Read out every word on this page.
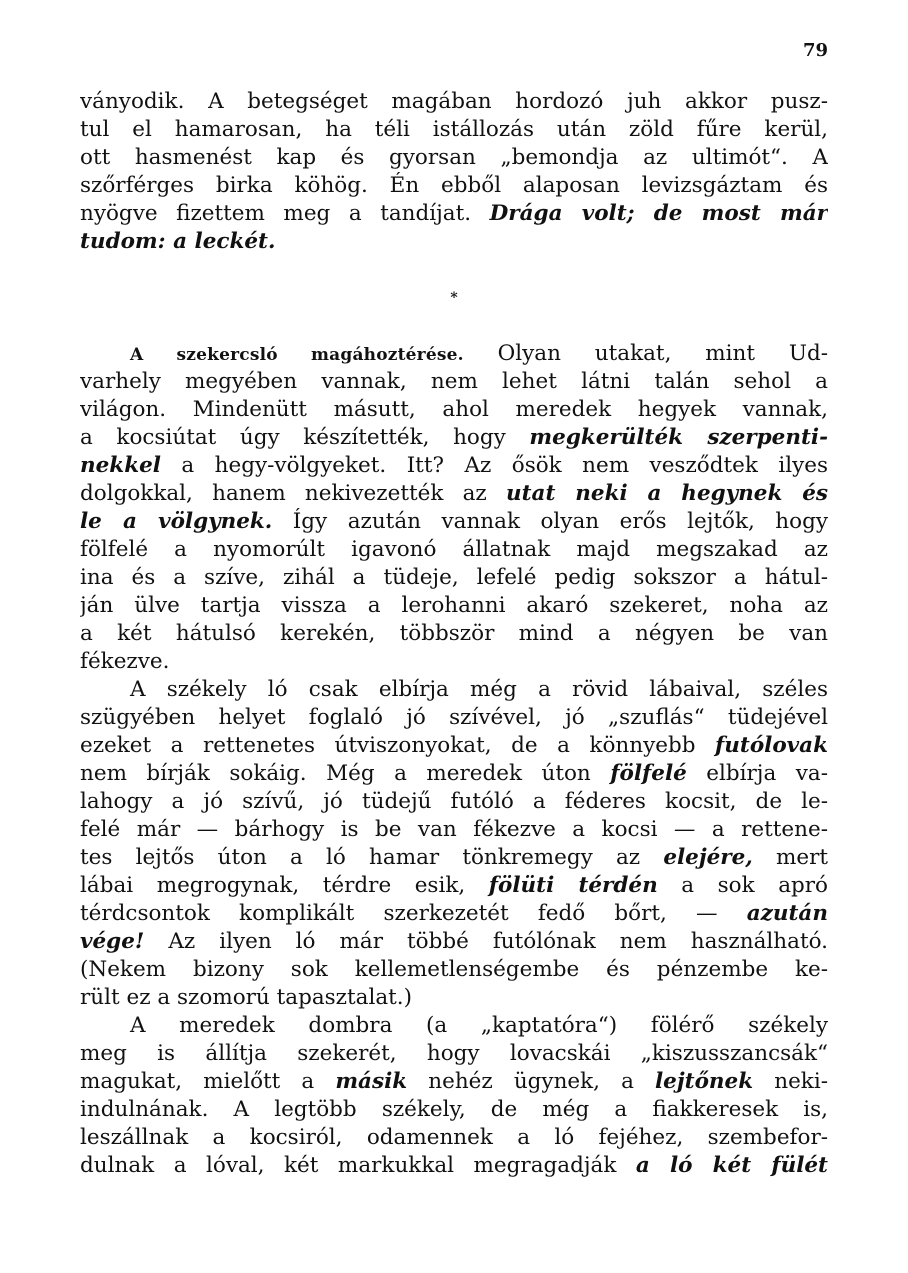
79
ványodik. A betegséget magában hordozó juh akkor pusz-
tul el hamarosan, ha téli istállozás után zöld fűre kerül,
ott hasmenést kap és gyorsan „bemondja az ultimót“. A
szőrférges birka köhög. Én ebből alaposan levizsgáztam és
nyögve fizettem meg a tandíjat. Drága volt; de most már
tudom: a leckét.
*
A szekercsló magáhoztérése. Olyan utakat, mint Ud-
varhely megyében vannak, nem lehet látni talán sehol a
világon. Mindenütt másutt, ahol meredek hegyek vannak,
a kocsiútat úgy készítették, hogy megkerülték szerpenti-
nekkel a hegy-völgyeket. Itt? Az ősök nem vesződtek ilyes
dolgokkal, hanem nekivezették az utat neki a hegynek és
le a völgynek. Így azután vannak olyan erős lejtők, hogy
fölfelé a nyomorúlt igavonó állatnak majd megszakad az
ina és a szíve, zihál a tüdeje, lefelé pedig sokszor a hátul-
ján ülve tartja vissza a lerohanni akaró szekeret, noha az
a két hátulsó kerekén, többször mind a négyen be van
fékezve.
A székely ló csak elbírja még a rövid lábaival, széles
szügyében helyet foglaló jó szívével, jó „szuflás“ tüdejével
ezeket a rettenetes útviszonyokat, de a könnyebb futólovak
nem bírják sokáig. Még a meredek úton fölfelé elbírja va-
lahogy a jó szívű, jó tüdejű futóló a féderes kocsit, de le-
felé már — bárhogy is be van fékezve a kocsi — a rettene-
tes lejtős úton a ló hamar tönkremegy az elejére, mert
lábai megrogynak, térdre esik, fölüti térdén a sok apró
térdcsontok komplikált szerkezetét fedő bőrt, — azután
vége! Az ilyen ló már többé futólónak nem használható.
(Nekem bizony sok kellemetlenségembe és pénzembe ke-
rült ez a szomorú tapasztalat.)
A meredek dombra (a „kaptatóra“) fölérő székely
meg is állítja szekerét, hogy lovacskái „kiszusszancsák“
magukat, mielőtt a másik nehéz ügynek, a lejtőnek neki-
indulnának. A legtöbb székely, de még a fiakkeresek is,
leszállnak a kocsiról, odamennek a ló fejéhez, szembefor-
dulnak a lóval, két markukkal megragadják a ló két fülét
